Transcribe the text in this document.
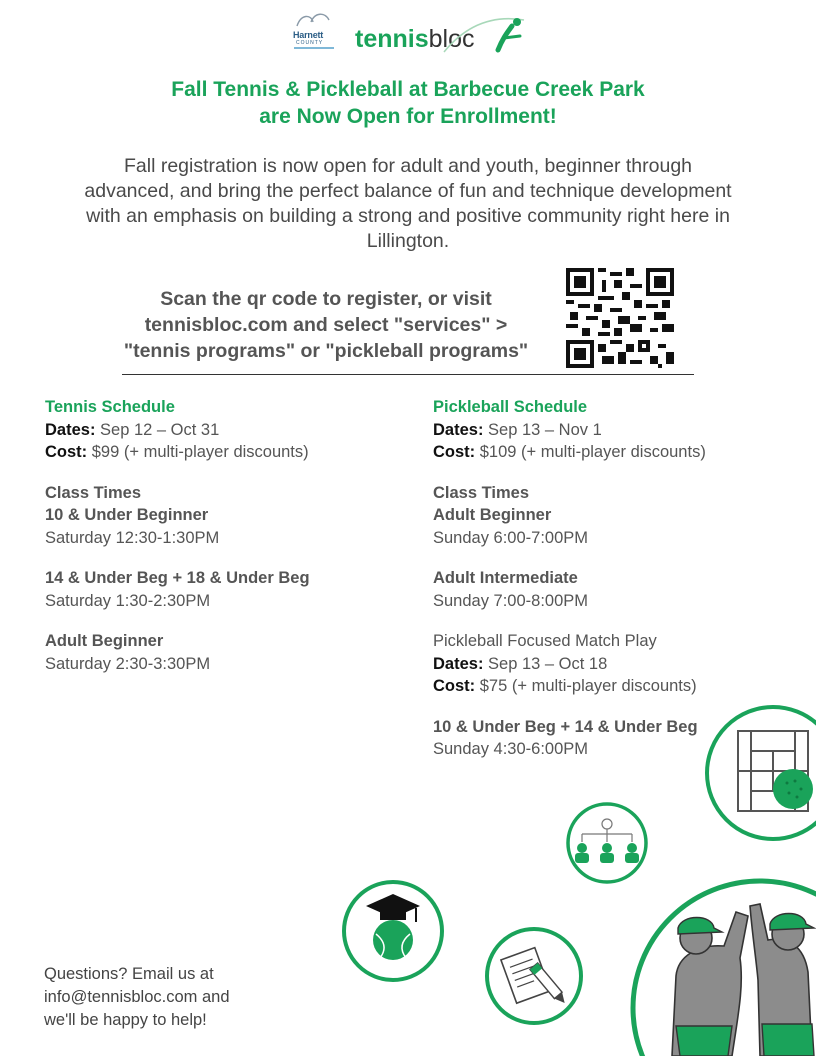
Harnett
COUNTY tennisbloc
Fall Tennis & Pickleball at Barbecue Creek Park
are Now Open for Enrollment!
Fall registration is now open for adult and youth, beginner through advanced, and bring the perfect balance of fun and technique development with an emphasis on building a strong and positive community right here in Lillington.
Scan the qr code to register, or visit
tennisbloc.com and select "services" >
"tennis programs" or "pickleball programs"
Tennis Schedule
Dates: Sep 12 – Oct 31
Cost: $99 (+ multi-player discounts)
Class Times
10 & Under Beginner
Saturday 12:30-1:30PM
14 & Under Beg + 18 & Under Beg
Saturday 1:30-2:30PM
Adult Beginner
Saturday 2:30-3:30PM
Pickleball Schedule
Dates: Sep 13 – Nov 1
Cost: $109 (+ multi-player discounts)
Class Times
Adult Beginner
Sunday 6:00-7:00PM
Adult Intermediate
Sunday 7:00-8:00PM
Pickleball Focused Match Play
Dates: Sep 13 – Oct 18
Cost: $75 (+ multi-player discounts)
10 & Under Beg + 14 & Under Beg
Sunday 4:30-6:00PM
Questions? Email us at
info@tennisbloc.com and
we'll be happy to help!
